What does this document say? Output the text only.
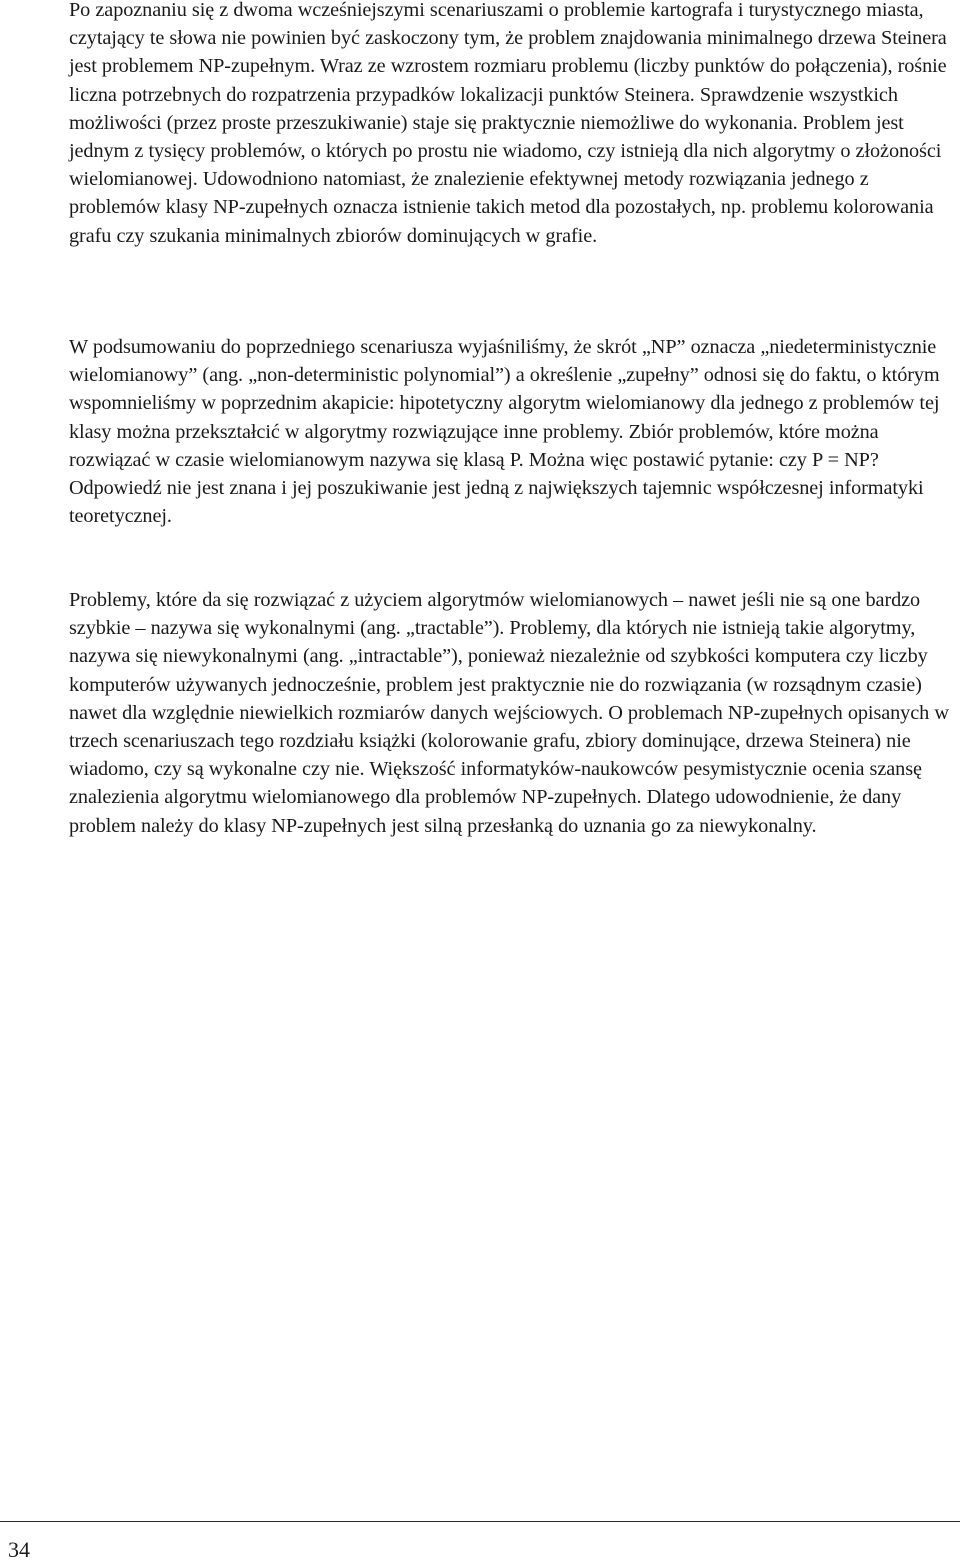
Po zapoznaniu się z dwoma wcześniejszymi scenariuszami o problemie kartografa i turystycznego miasta, czytający te słowa nie powinien być zaskoczony tym, że problem znajdowania minimalnego drzewa Steinera jest problemem NP-zupełnym. Wraz ze wzrostem rozmiaru problemu (liczby punktów do połączenia), rośnie liczna potrzebnych do rozpatrzenia przypadków lokalizacji punktów Steinera. Sprawdzenie wszystkich możliwości (przez proste przeszukiwanie) staje się praktycznie niemożliwe do wykonania. Problem jest jednym z tysięcy problemów, o których po prostu nie wiadomo, czy istnieją dla nich algorytmy o złożoności wielomianowej. Udowodniono natomiast, że znalezienie efektywnej metody rozwiązania jednego z problemów klasy NP-zupełnych oznacza istnienie takich metod dla pozostałych, np. problemu kolorowania grafu czy szukania minimalnych zbiorów dominujących w grafie.

W podsumowaniu do poprzedniego scenariusza wyjaśniliśmy, że skrót „NP” oznacza „niedeterministycznie wielomianowy” (ang. „non-deterministic polynomial”) a określenie „zupełny” odnosi się do faktu, o którym wspomnieliśmy w poprzednim akapicie: hipotetyczny algorytm wielomianowy dla jednego z problemów tej klasy można przekształcić w algorytmy rozwiązujące inne problemy. Zbiór problemów, które można rozwiązać w czasie wielomianowym nazywa się klasą P. Można więc postawić pytanie: czy P = NP? Odpowiedź nie jest znana i jej poszukiwanie jest jedną z największych tajemnic współczesnej informatyki teoretycznej.

Problemy, które da się rozwiązać z użyciem algorytmów wielomianowych – nawet jeśli nie są one bardzo szybkie – nazywa się wykonalnymi (ang. „tractable”). Problemy, dla których nie istnieją takie algorytmy, nazywa się niewykonalnymi (ang. „intractable”), ponieważ niezależnie od szybkości komputera czy liczby komputerów używanych jednocześnie, problem jest praktycznie nie do rozwiązania (w rozsądnym czasie) nawet dla względnie niewielkich rozmiarów danych wejściowych. O problemach NP-zupełnych opisanych w trzech scenariuszach tego rozdziału książki (kolorowanie grafu, zbiory dominujące, drzewa Steinera) nie wiadomo, czy są wykonalne czy nie. Większość informatyków-naukowców pesymistycznie ocenia szansę znalezienia algorytmu wielomianowego dla problemów NP-zupełnych. Dlatego udowodnienie, że dany problem należy do klasy NP-zupełnych jest silną przesłanką do uznania go za niewykonalny.

34
